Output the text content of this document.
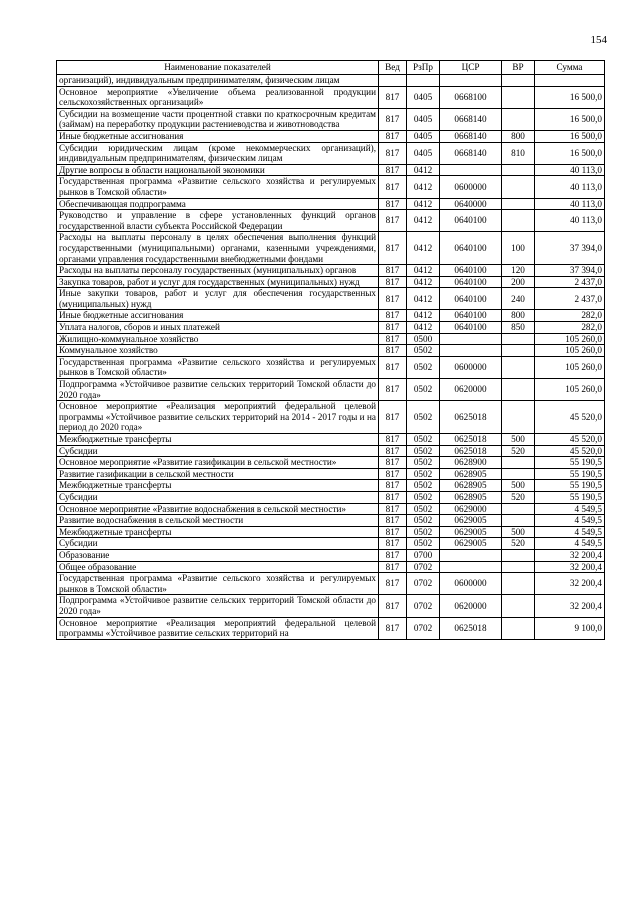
154
Наименование показателей	Вед	РзПр	ЦСР	ВР	Сумма
организаций), индивидуальным предпринимателям, физическим лицам					
Основное мероприятие «Увеличение объема реализованной продукции сельскохозяйственных организаций»	817	0405	0668100		16 500,0
Субсидии на возмещение части процентной ставки по краткосрочным кредитам (займам) на переработку продукции растениеводства и животноводства	817	0405	0668140		16 500,0
Иные бюджетные ассигнования	817	0405	0668140	800	16 500,0
Субсидии юридическим лицам (кроме некоммерческих организаций), индивидуальным предпринимателям, физическим лицам	817	0405	0668140	810	16 500,0
Другие вопросы в области национальной экономики	817	0412			40 113,0
Государственная программа «Развитие сельского хозяйства и регулируемых рынков в Томской области»	817	0412	0600000		40 113,0
Обеспечивающая подпрограмма	817	0412	0640000		40 113,0
Руководство и управление в сфере установленных функций органов государственной власти субъекта Российской Федерации	817	0412	0640100		40 113,0
Расходы на выплаты персоналу в целях обеспечения выполнения функций государственными (муниципальными) органами, казенными учреждениями, органами управления государственными внебюджетными фондами	817	0412	0640100	100	37 394,0
Расходы на выплаты персоналу государственных (муниципальных) органов	817	0412	0640100	120	37 394,0
Закупка товаров, работ и услуг для государственных (муниципальных) нужд	817	0412	0640100	200	2 437,0
Иные закупки товаров, работ и услуг для обеспечения государственных (муниципальных) нужд	817	0412	0640100	240	2 437,0
Иные бюджетные ассигнования	817	0412	0640100	800	282,0
Уплата налогов, сборов и иных платежей	817	0412	0640100	850	282,0
Жилищно-коммунальное хозяйство	817	0500			105 260,0
Коммунальное хозяйство	817	0502			105 260,0
Государственная программа «Развитие сельского хозяйства и регулируемых рынков в Томской области»	817	0502	0600000		105 260,0
Подпрограмма «Устойчивое развитие сельских территорий Томской области до 2020 года»	817	0502	0620000		105 260,0
Основное мероприятие «Реализация мероприятий федеральной целевой программы «Устойчивое развитие сельских территорий на 2014 - 2017 годы и на период до 2020 года»	817	0502	0625018		45 520,0
Межбюджетные трансферты	817	0502	0625018	500	45 520,0
Субсидии	817	0502	0625018	520	45 520,0
Основное мероприятие «Развитие газификации в сельской местности»	817	0502	0628900		55 190,5
Развитие газификации в сельской местности	817	0502	0628905		55 190,5
Межбюджетные трансферты	817	0502	0628905	500	55 190,5
Субсидии	817	0502	0628905	520	55 190,5
Основное мероприятие «Развитие водоснабжения в сельской местности»	817	0502	0629000		4 549,5
Развитие водоснабжения в сельской местности	817	0502	0629005		4 549,5
Межбюджетные трансферты	817	0502	0629005	500	4 549,5
Субсидии	817	0502	0629005	520	4 549,5
Образование	817	0700			32 200,4
Общее образование	817	0702			32 200,4
Государственная программа «Развитие сельского хозяйства и регулируемых рынков в Томской области»	817	0702	0600000		32 200,4
Подпрограмма «Устойчивое развитие сельских территорий Томской области до 2020 года»	817	0702	0620000		32 200,4
Основное мероприятие «Реализация мероприятий федеральной целевой программы «Устойчивое развитие сельских территорий на	817	0702	0625018		9 100,0
